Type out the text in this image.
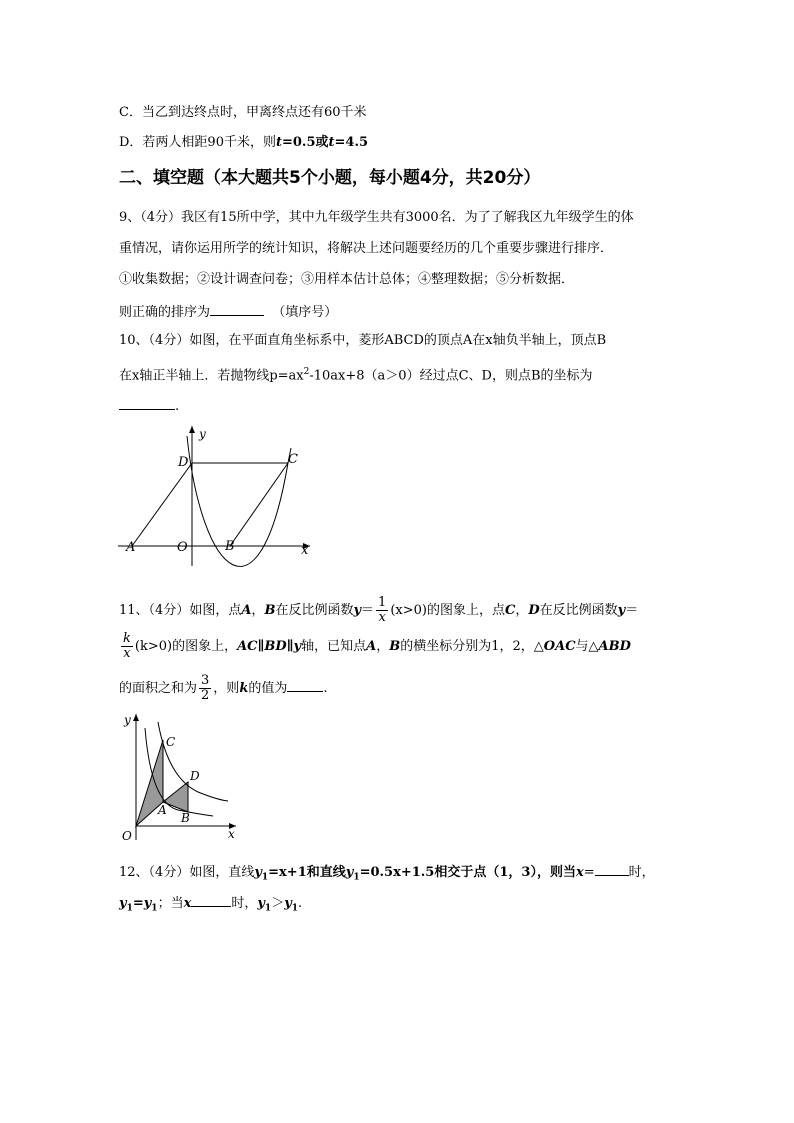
C．当乙到达终点时，甲离终点还有60千米
D．若两人相距90千米，则t=0.5或t=4.5
二、填空题（本大题共5个小题，每小题4分，共20分）
9、（4分）我区有15所中学，其中九年级学生共有3000名．为了了解我区九年级学生的体
重情况，请你运用所学的统计知识，将解决上述问题要经历的几个重要步骤进行排序．
①收集数据；②设计调查问卷；③用样本估计总体；④整理数据；⑤分析数据．
则正确的排序为	（填序号）
10、（4分）如图，在平面直角坐标系中，菱形ABCD的顶点A在x轴负半轴上，顶点B
在x轴正半轴上．若抛物线$p=ax^2-10ax+8(a>0)$经过点C、D，则点B的坐标为
.
y
D	C
A	O	B	x
11、（4分）如图，点A，B在反比例函数$y= \frac{1}{x} (x>0)$的图象上，点C，D在反比例函数y＝
$\frac{k}{x} (k>0)$的图象上，AC∥BD∥y轴，已知点A，B的横坐标分别为1，2，△OAC与△ABD
的面积之和为 $\frac{3}{2}$ ，则k的值为	.
y
C
D
A
B
O	x
12、（4分）如图，直线$y_1=x+1$和直线$y_1=0.5x+1.5$相交于点（1，3），则当x=	时，
$y_1=y_1$；当x	时，$y_1>y_1$.
